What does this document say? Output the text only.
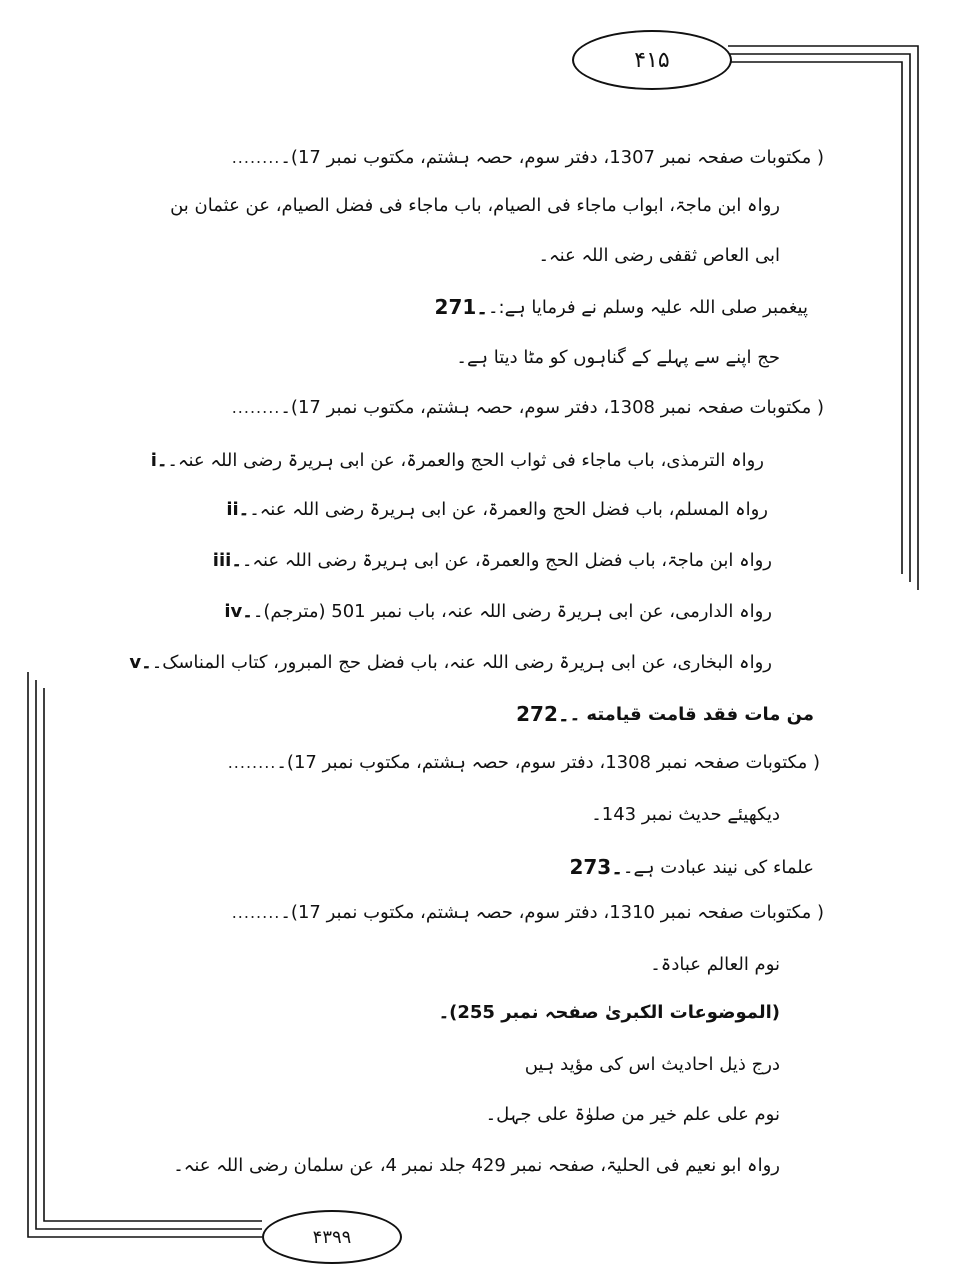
۴۱۵
۴۳۹۹
........ ( مکتوبات صفحہ نمبر 1307، دفتر سوم، حصہ ہشتم، مکتوب نمبر 17)۔
رواہ ابن ماجۃ، ابواب ماجاء فی الصیام، باب ماجاء فی فضل الصیام، عن عثمان بن
ابی العاص ثقفی رضی اللہ عنہ۔
271۔ پیغمبر صلی اللہ علیہ وسلم نے فرمایا ہے:۔
حج اپنے سے پہلے کے گناہوں کو مٹا دیتا ہے۔
........ ( مکتوبات صفحہ نمبر 1308، دفتر سوم، حصہ ہشتم، مکتوب نمبر 17)۔
i۔ رواہ الترمذی، باب ماجاء فی ثواب الحج والعمرۃ، عن ابی ہریرۃ رضی اللہ عنہ۔
ii۔ رواہ المسلم، باب فضل الحج والعمرۃ، عن ابی ہریرۃ رضی اللہ عنہ۔
iii۔ رواہ ابن ماجۃ، باب فضل الحج والعمرۃ، عن ابی ہریرۃ رضی اللہ عنہ۔
iv۔ رواہ الدارمی، عن ابی ہریرۃ رضی اللہ عنہ، باب نمبر 501 (مترجم)۔
v۔ رواہ البخاری، عن ابی ہریرۃ رضی اللہ عنہ، باب فضل حج المبرور، کتاب المناسک۔
272۔ من مات فقد قامت قیامته ۔
........ ( مکتوبات صفحہ نمبر 1308، دفتر سوم، حصہ ہشتم، مکتوب نمبر 17)۔
دیکھیئے حدیث نمبر 143۔
273۔ علماء کی نیند عبادت ہے۔
........ ( مکتوبات صفحہ نمبر 1310، دفتر سوم، حصہ ہشتم، مکتوب نمبر 17)۔
نوم العالم عبادۃ۔
(الموضوعات الکبریٰ صفحہ نمبر 255)۔
درج ذیل احادیث اس کی مؤید ہیں
نوم علی علم خیر من صلوٰۃ علی جہل۔
رواہ ابو نعیم فی الحلیۃ، صفحہ نمبر 429 جلد نمبر 4، عن سلمان رضی اللہ عنہ۔
